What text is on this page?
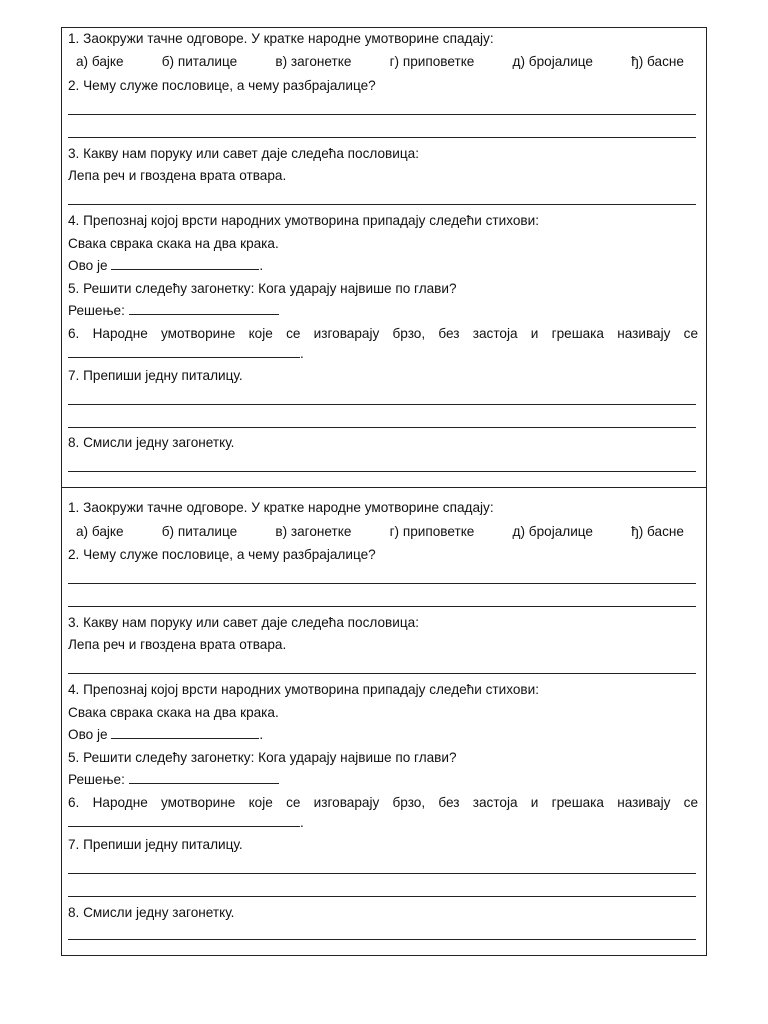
1. Заокружи тачне одговоре. У кратке народне умотворине спадају:
а) бајке	б) питалице	в) загонетке	г) приповетке	д) бројалице	ђ) басне
2. Чему служе пословице, а чему разбрајалице?
3. Какву нам поруку или савет даје следећа пословица:
Лепа реч и гвоздена врата отвара.
4. Препознај којој врсти народних умотворина припадају следећи стихови:
Свака сврака скака на два крака.
Ово је	.
5. Решити следећу загонетку: Кога ударају највише по глави?
Решење:
6. Народне умотворине које се изговарају брзо, без застоја и грешака називају се
.
7. Препиши једну питалицу.
8. Смисли једну загонетку.
1. Заокружи тачне одговоре. У кратке народне умотворине спадају:
а) бајке	б) питалице	в) загонетке	г) приповетке	д) бројалице	ђ) басне
2. Чему служе пословице, а чему разбрајалице?
3. Какву нам поруку или савет даје следећа пословица:
Лепа реч и гвоздена врата отвара.
4. Препознај којој врсти народних умотворина припадају следећи стихови:
Свака сврака скака на два крака.
Ово је	.
5. Решити следећу загонетку: Кога ударају највише по глави?
Решење:
6. Народне умотворине које се изговарају брзо, без застоја и грешака називају се
.
7. Препиши једну питалицу.
8. Смисли једну загонетку.
